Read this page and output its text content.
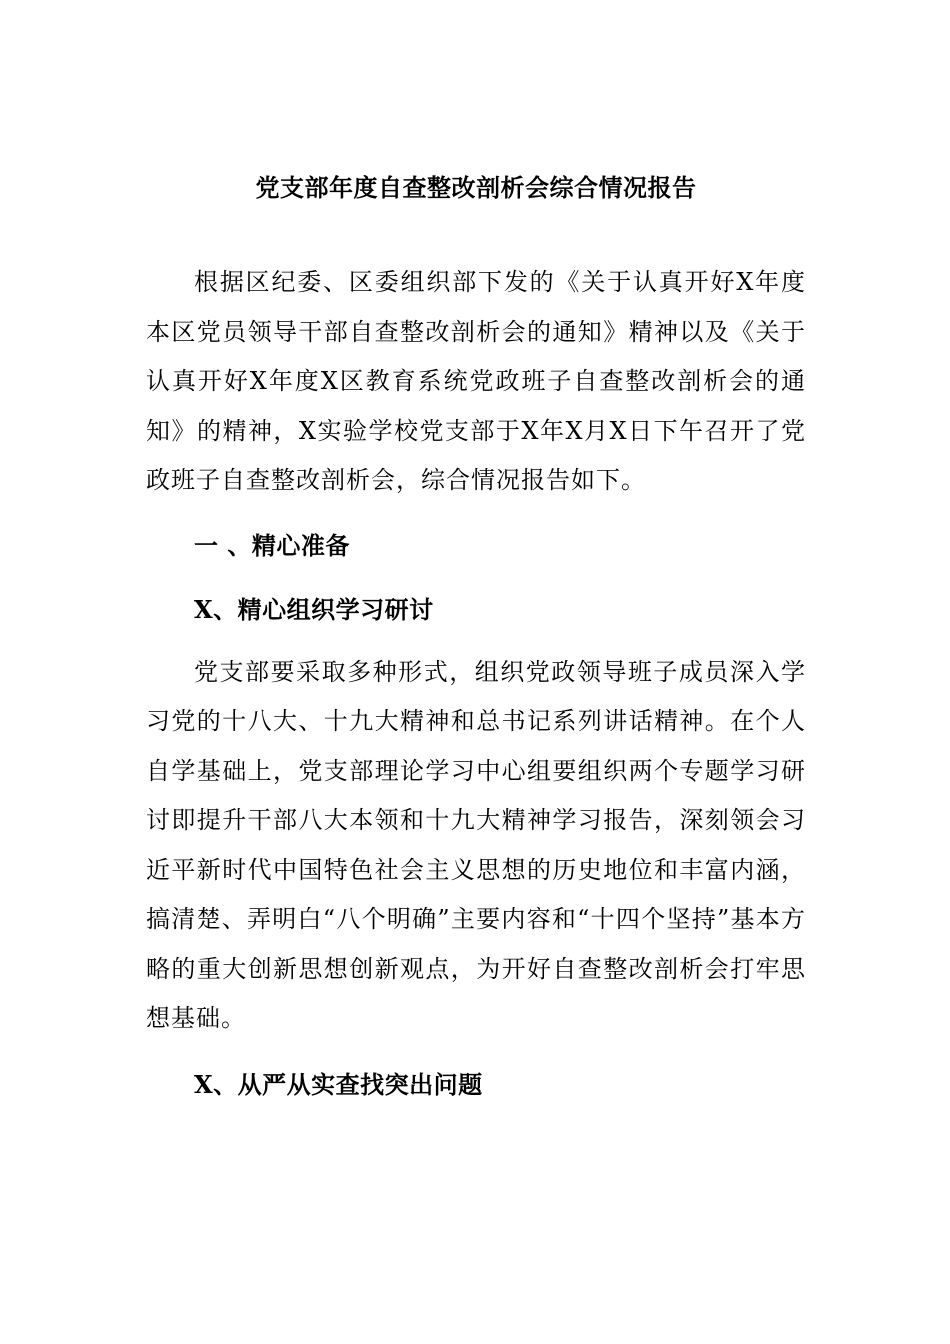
党支部年度自查整改剖析会综合情况报告

根据区纪委、区委组织部下发的《关于认真开好X年度本区党员领导干部自查整改剖析会的通知》精神以及《关于认真开好X年度X区教育系统党政班子自查整改剖析会的通知》的精神，X实验学校党支部于X年X月X日下午召开了党政班子自查整改剖析会，综合情况报告如下。

一 、精心准备

X、精心组织学习研讨

党支部要采取多种形式，组织党政领导班子成员深入学习党的十八大、十九大精神和总书记系列讲话精神。在个人自学基础上，党支部理论学习中心组要组织两个专题学习研讨即提升干部八大本领和十九大精神学习报告，深刻领会习近平新时代中国特色社会主义思想的历史地位和丰富内涵，搞清楚、弄明白“八个明确”主要内容和“十四个坚持”基本方略的重大创新思想创新观点，为开好自查整改剖析会打牢思想基础。

X、从严从实查找突出问题
